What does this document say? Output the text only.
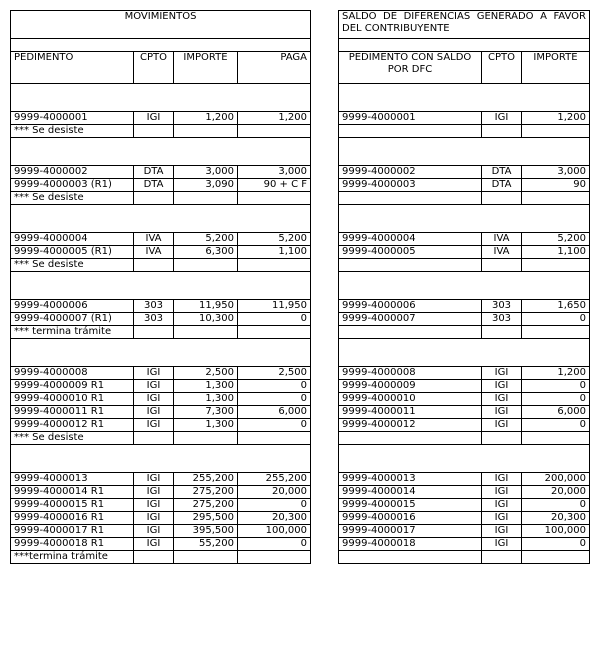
MOVIMIENTOS			

PEDIMENTO	CPTO	IMPORTE	PAGA

9999-4000001	IGI	1,200	1,200
*** Se desiste			

9999-4000002	DTA	3,000	3,000
9999-4000003 (R1)	DTA	3,090	90 + C F
*** Se desiste			

9999-4000004	IVA	5,200	5,200
9999-4000005 (R1)	IVA	6,300	1,100
*** Se desiste			

9999-4000006	303	11,950	11,950
9999-4000007 (R1)	303	10,300	0
*** termina trámite			

9999-4000008	IGI	2,500	2,500
9999-4000009 R1	IGI	1,300	0
9999-4000010 R1	IGI	1,300	0
9999-4000011 R1	IGI	7,300	6,000
9999-4000012 R1	IGI	1,300	0
*** Se desiste			

9999-4000013	IGI	255,200	255,200
9999-4000014 R1	IGI	275,200	20,000
9999-4000015 R1	IGI	275,200	0
9999-4000016 R1	IGI	295,500	20,300
9999-4000017 R1	IGI	395,500	100,000
9999-4000018 R1	IGI	55,200	0
***termina trámite			
SALDO DE DIFERENCIAS GENERADO A FAVOR DEL CONTRIBUYENTE		

PEDIMENTO CON SALDO POR DFC	CPTO	IMPORTE

9999-4000001	IGI	1,200

9999-4000002	DTA	3,000
9999-4000003	DTA	90

9999-4000004	IVA	5,200
9999-4000005	IVA	1,100

9999-4000006	303	1,650
9999-4000007	303	0

9999-4000008	IGI	1,200
9999-4000009	IGI	0
9999-4000010	IGI	0
9999-4000011	IGI	6,000
9999-4000012	IGI	0

9999-4000013	IGI	200,000
9999-4000014	IGI	20,000
9999-4000015	IGI	0
9999-4000016	IGI	20,300
9999-4000017	IGI	100,000
9999-4000018	IGI	0
